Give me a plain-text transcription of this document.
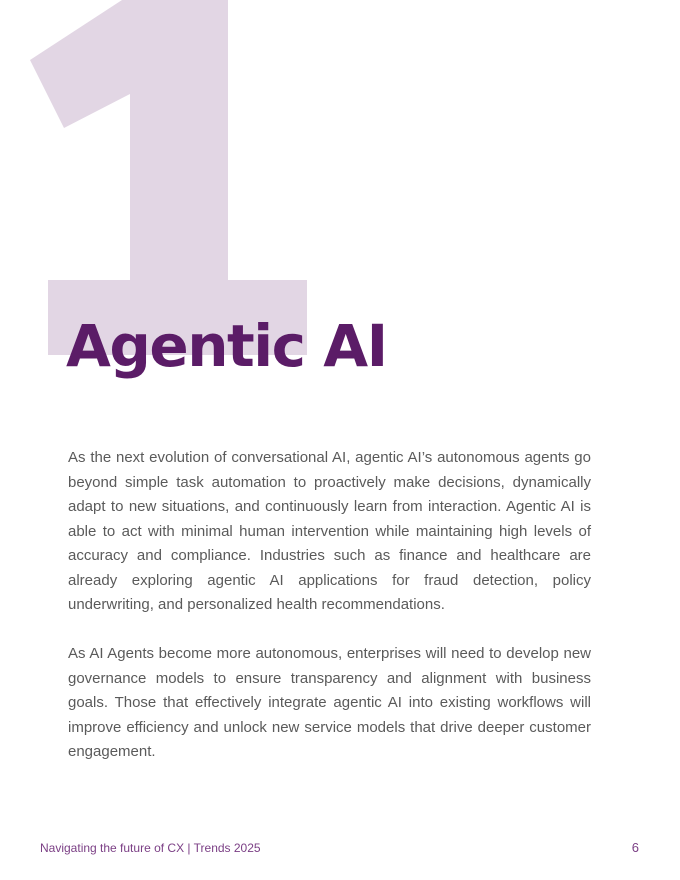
Agentic AI

As the next evolution of conversational AI, agentic AI’s autonomous agents go beyond simple task automation to proactively make decisions, dynamically adapt to new situations, and continuously learn from interaction. Agentic AI is able to act with minimal human intervention while maintaining high levels of accuracy and compliance. Industries such as finance and healthcare are already exploring agentic AI applications for fraud detection, policy underwriting, and personalized health recommendations.

As AI Agents become more autonomous, enterprises will need to develop new governance models to ensure transparency and alignment with business goals. Those that effectively integrate agentic AI into existing workflows will improve efficiency and unlock new service models that drive deeper customer engagement.

Navigating the future of CX | Trends 2025	6
